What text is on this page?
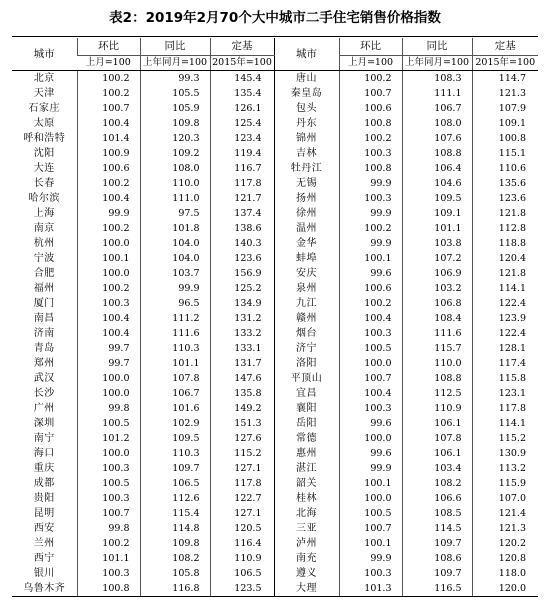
表2：2019年2月70个大中城市二手住宅销售价格指数
城市	环比	同比	定基	城市	环比	同比	定基
	上月=100	上年同月=100	2015年=100		上月=100	上年同月=100	2015年=100
北京	100.2	99.3	145.4	唐山	100.2	108.3	114.7
天津	100.2	105.5	135.4	秦皇岛	100.7	111.1	121.3
石家庄	100.7	105.9	126.1	包头	100.6	106.7	107.9
太原	100.4	109.8	125.4	丹东	100.8	108.0	109.1
呼和浩特	101.4	120.3	123.4	锦州	100.2	107.6	100.8
沈阳	100.9	109.2	119.4	吉林	100.3	108.8	115.1
大连	100.6	108.0	116.7	牡丹江	100.8	106.4	110.6
长春	100.2	110.0	117.8	无锡	99.9	104.6	135.6
哈尔滨	100.4	111.0	121.7	扬州	100.3	109.5	123.6
上海	99.9	97.5	137.4	徐州	99.9	109.1	121.8
南京	100.2	101.8	138.6	温州	100.2	101.1	112.8
杭州	100.0	104.0	140.3	金华	99.9	103.8	118.8
宁波	100.1	104.0	123.6	蚌埠	100.1	107.2	120.4
合肥	100.0	103.7	156.9	安庆	99.6	106.9	121.8
福州	100.2	99.9	125.2	泉州	100.6	103.2	114.1
厦门	100.3	96.5	134.9	九江	100.2	106.8	122.4
南昌	100.4	111.2	131.2	赣州	100.4	108.4	123.9
济南	100.4	111.6	133.2	烟台	100.3	111.6	122.4
青岛	99.7	110.3	133.1	济宁	100.5	115.7	128.1
郑州	99.7	101.1	131.7	洛阳	100.0	110.0	117.4
武汉	100.0	107.8	147.6	平顶山	100.7	108.8	115.8
长沙	100.0	106.7	135.8	宜昌	100.4	112.5	123.1
广州	99.8	101.6	149.2	襄阳	100.3	110.9	117.8
深圳	100.5	102.9	151.3	岳阳	99.6	106.1	114.1
南宁	101.2	109.5	127.6	常德	100.0	107.8	115.2
海口	100.0	110.3	115.2	惠州	99.6	106.1	130.9
重庆	100.3	109.7	127.1	湛江	99.9	103.4	113.2
成都	100.5	106.5	117.8	韶关	100.1	108.2	115.9
贵阳	100.3	112.6	122.7	桂林	100.0	106.6	107.0
昆明	100.7	115.4	127.1	北海	100.5	108.5	121.4
西安	99.8	114.8	120.5	三亚	100.7	114.5	121.3
兰州	100.2	109.8	116.4	泸州	100.1	109.7	120.2
西宁	101.1	108.2	110.9	南充	99.9	108.6	120.8
银川	100.3	105.8	106.5	遵义	100.3	109.7	118.0
乌鲁木齐	100.8	116.8	123.5	大理	101.3	116.5	120.0
